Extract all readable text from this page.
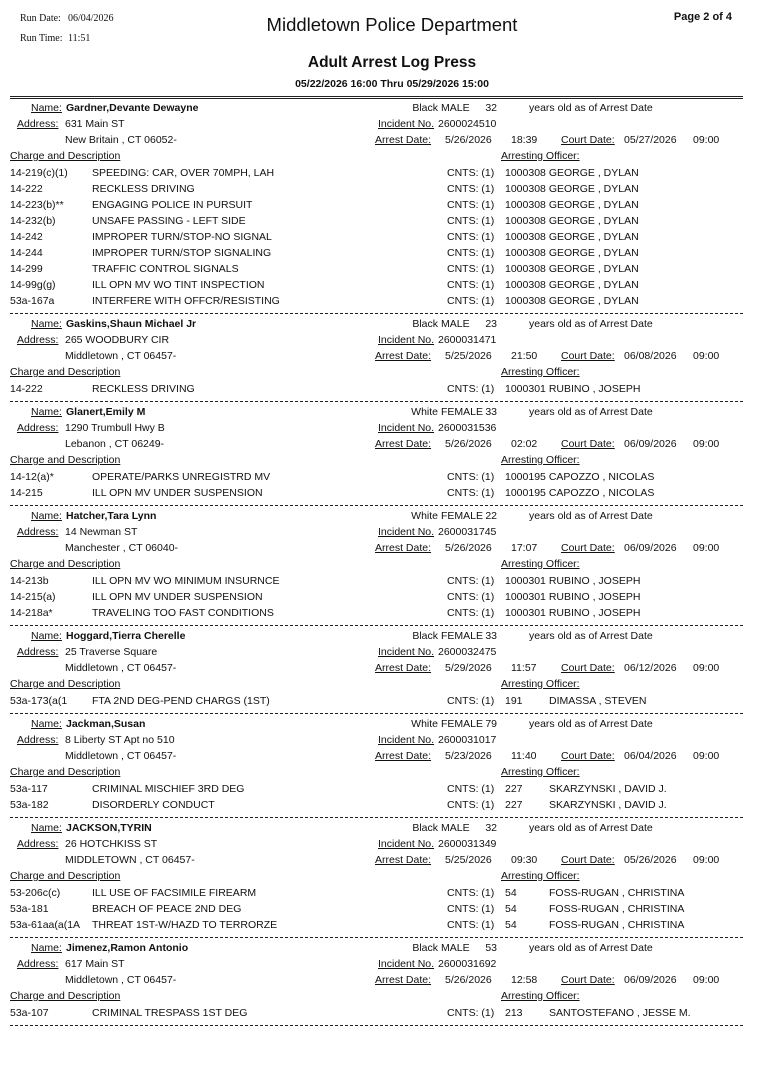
Run Date: 06/04/2026
Run Time: 11:51
Middletown Police Department	Page 2 of 4
Adult Arrest Log Press
05/22/2026 16:00 Thru 05/29/2026 15:00
Name: Gardner,Devante Dewayne	Black MALE 32	years old as of Arrest Date
Address: 631 Main ST	Incident No. 2600024510
New Britain , CT 06052-	Arrest Date: 5/26/2026 18:39 Court Date: 05/27/2026 09:00
Charge and Description	Arresting Officer:
14-219(c)(1) SPEEDING: CAR, OVER 70MPH, LAH	CNTS: (1) 1000308 GEORGE , DYLAN
14-222	RECKLESS DRIVING	CNTS: (1) 1000308 GEORGE , DYLAN
14-223(b)**	ENGAGING POLICE IN PURSUIT	CNTS: (1) 1000308 GEORGE , DYLAN
14-232(b)	UNSAFE PASSING - LEFT SIDE	CNTS: (1) 1000308 GEORGE , DYLAN
14-242	IMPROPER TURN/STOP-NO SIGNAL	CNTS: (1) 1000308 GEORGE , DYLAN
14-244	IMPROPER TURN/STOP SIGNALING	CNTS: (1) 1000308 GEORGE , DYLAN
14-299	TRAFFIC CONTROL SIGNALS	CNTS: (1) 1000308 GEORGE , DYLAN
14-99g(g)	ILL OPN MV WO TINT INSPECTION	CNTS: (1) 1000308 GEORGE , DYLAN
53a-167a	INTERFERE WITH OFFCR/RESISTING	CNTS: (1) 1000308 GEORGE , DYLAN
Name: Gaskins,Shaun Michael Jr	Black MALE 23	years old as of Arrest Date
Address: 265 WOODBURY CIR	Incident No. 2600031471
Middletown , CT 06457-	Arrest Date: 5/25/2026 21:50 Court Date: 06/08/2026 09:00
Charge and Description	Arresting Officer:
14-222	RECKLESS DRIVING	CNTS: (1) 1000301 RUBINO , JOSEPH
Name: Glanert,Emily M	White FEMALE 33	years old as of Arrest Date
Address: 1290 Trumbull Hwy B	Incident No. 2600031536
Lebanon , CT 06249-	Arrest Date: 5/26/2026 02:02 Court Date: 06/09/2026 09:00
Charge and Description	Arresting Officer:
14-12(a)*	OPERATE/PARKS UNREGISTRD MV	CNTS: (1) 1000195 CAPOZZO , NICOLAS
14-215	ILL OPN MV UNDER SUSPENSION	CNTS: (1) 1000195 CAPOZZO , NICOLAS
Name: Hatcher,Tara Lynn	White FEMALE 22	years old as of Arrest Date
Address: 14 Newman ST	Incident No. 2600031745
Manchester , CT 06040-	Arrest Date: 5/26/2026 17:07 Court Date: 06/09/2026 09:00
Charge and Description	Arresting Officer:
14-213b	ILL OPN MV WO MINIMUM INSURNCE	CNTS: (1) 1000301 RUBINO , JOSEPH
14-215(a)	ILL OPN MV UNDER SUSPENSION	CNTS: (1) 1000301 RUBINO , JOSEPH
14-218a*	TRAVELING TOO FAST CONDITIONS	CNTS: (1) 1000301 RUBINO , JOSEPH
Name: Hoggard,Tierra Cherelle	Black FEMALE 33	years old as of Arrest Date
Address: 25 Traverse Square	Incident No. 2600032475
Middletown , CT 06457-	Arrest Date: 5/29/2026 11:57 Court Date: 06/12/2026 09:00
Charge and Description	Arresting Officer:
53a-173(a(1 FTA 2ND DEG-PEND CHARGS (1ST)	CNTS: (1) 191	DIMASSA , STEVEN
Name: Jackman,Susan	White FEMALE 79	years old as of Arrest Date
Address: 8 Liberty ST Apt no 510	Incident No. 2600031017
Middletown , CT 06457-	Arrest Date: 5/23/2026 11:40 Court Date: 06/04/2026 09:00
Charge and Description	Arresting Officer:
53a-117	CRIMINAL MISCHIEF 3RD DEG	CNTS: (1) 227	SKARZYNSKI , DAVID J.
53a-182	DISORDERLY CONDUCT	CNTS: (1) 227	SKARZYNSKI , DAVID J.
Name: JACKSON,TYRIN	Black MALE 32	years old as of Arrest Date
Address: 26 HOTCHKISS ST	Incident No. 2600031349
MIDDLETOWN , CT 06457-	Arrest Date: 5/25/2026 09:30 Court Date: 05/26/2026 09:00
Charge and Description	Arresting Officer:
53-206c(c)	ILL USE OF FACSIMILE FIREARM	CNTS: (1) 54	FOSS-RUGAN , CHRISTINA
53a-181	BREACH OF PEACE 2ND DEG	CNTS: (1) 54	FOSS-RUGAN , CHRISTINA
53a-61aa(a(1A THREAT 1ST-W/HAZD TO TERRORZE	CNTS: (1) 54	FOSS-RUGAN , CHRISTINA
Name: Jimenez,Ramon Antonio	Black MALE 53	years old as of Arrest Date
Address: 617 Main ST	Incident No. 2600031692
Middletown , CT 06457-	Arrest Date: 5/26/2026 12:58 Court Date: 06/09/2026 09:00
Charge and Description	Arresting Officer:
53a-107	CRIMINAL TRESPASS 1ST DEG	CNTS: (1) 213	SANTOSTEFANO , JESSE M.
